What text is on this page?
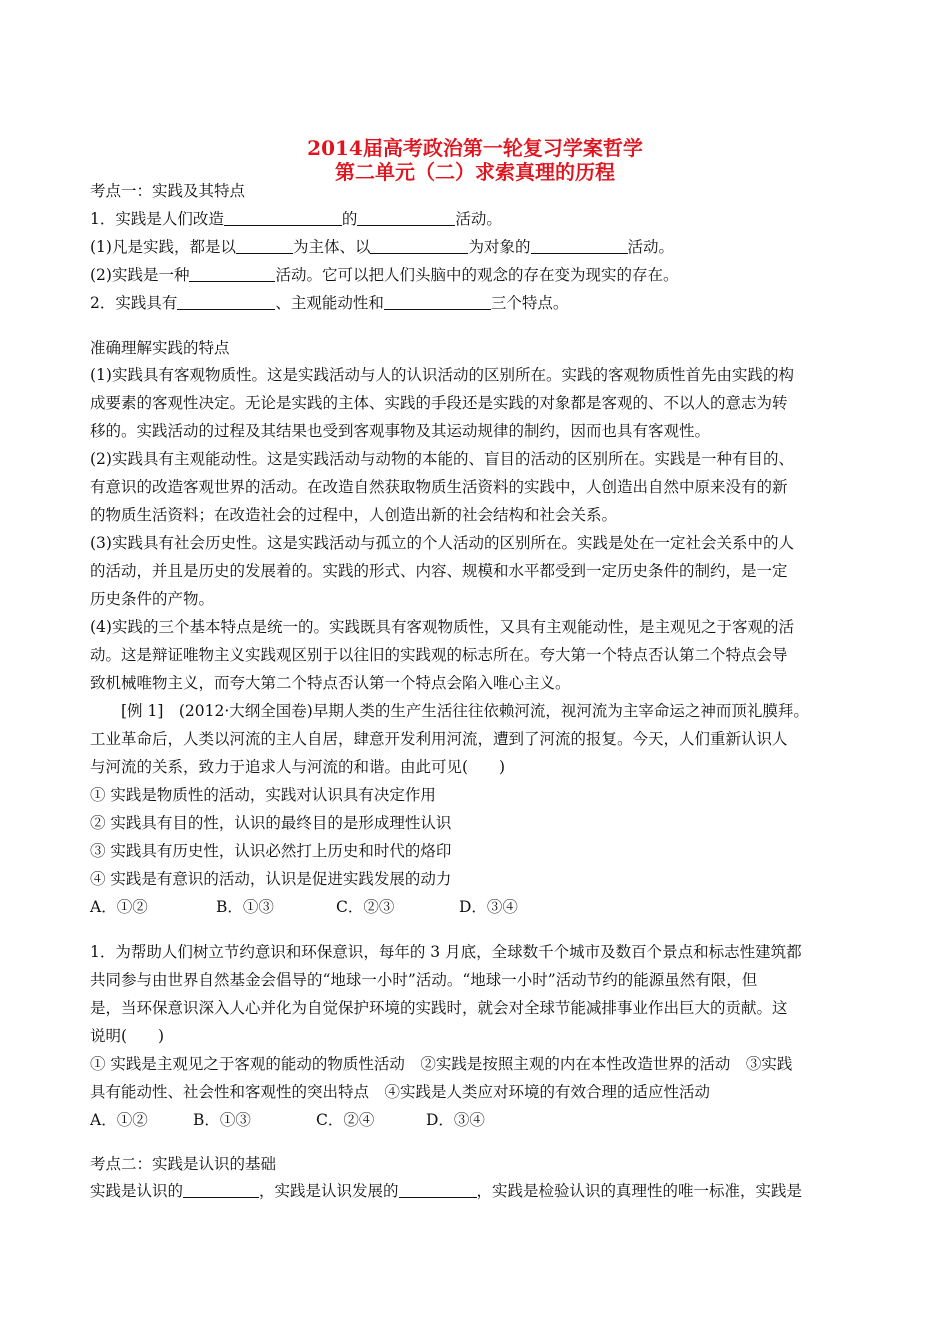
2014届高考政治第一轮复习学案哲学
第二单元（二）求索真理的历程
考点一：实践及其特点
1．实践是人们改造	的	活动。
(1)凡是实践，都是以	为主体、以	为对象的	活动。
(2)实践是一种	活动。它可以把人们头脑中的观念的存在变为现实的存在。
2．实践具有	、主观能动性和	三个特点。
准确理解实践的特点
(1)实践具有客观物质性。这是实践活动与人的认识活动的区别所在。实践的客观物质性首先由实践的构
成要素的客观性决定。无论是实践的主体、实践的手段还是实践的对象都是客观的、不以人的意志为转
移的。实践活动的过程及其结果也受到客观事物及其运动规律的制约，因而也具有客观性。
(2)实践具有主观能动性。这是实践活动与动物的本能的、盲目的活动的区别所在。实践是一种有目的、
有意识的改造客观世界的活动。在改造自然获取物质生活资料的实践中，人创造出自然中原来没有的新
的物质生活资料；在改造社会的过程中，人创造出新的社会结构和社会关系。
(3)实践具有社会历史性。这是实践活动与孤立的个人活动的区别所在。实践是处在一定社会关系中的人
的活动，并且是历史的发展着的。实践的形式、内容、规模和水平都受到一定历史条件的制约，是一定
历史条件的产物。
(4)实践的三个基本特点是统一的。实践既具有客观物质性，又具有主观能动性，是主观见之于客观的活
动。这是辩证唯物主义实践观区别于以往旧的实践观的标志所在。夸大第一个特点否认第二个特点会导
致机械唯物主义，而夸大第二个特点否认第一个特点会陷入唯心主义。
[例 1]　(2012·大纲全国卷)早期人类的生产生活往往依赖河流，视河流为主宰命运之神而顶礼膜拜。
工业革命后，人类以河流的主人自居，肆意开发利用河流，遭到了河流的报复。今天，人们重新认识人
与河流的关系，致力于追求人与河流的和谐。由此可见(　　)
① 实践是物质性的活动，实践对认识具有决定作用
② 实践具有目的性，认识的最终目的是形成理性认识
③ 实践具有历史性，认识必然打上历史和时代的烙印
④ 实践是有意识的活动，认识是促进实践发展的动力
A．①②	B．①③	C．②③	D．③④
1．为帮助人们树立节约意识和环保意识，每年的 3 月底，全球数千个城市及数百个景点和标志性建筑都
共同参与由世界自然基金会倡导的“地球一小时”活动。“地球一小时”活动节约的能源虽然有限，但
是，当环保意识深入人心并化为自觉保护环境的实践时，就会对全球节能减排事业作出巨大的贡献。这
说明(　　)
① 实践是主观见之于客观的能动的物质性活动　②实践是按照主观的内在本性改造世界的活动　③实践
具有能动性、社会性和客观性的突出特点　④实践是人类应对环境的有效合理的适应性活动
A．①②	B．①③	C．②④	D．③④
考点二：实践是认识的基础
实践是认识的	，实践是认识发展的	，实践是检验认识的真理性的唯一标准，实践是
